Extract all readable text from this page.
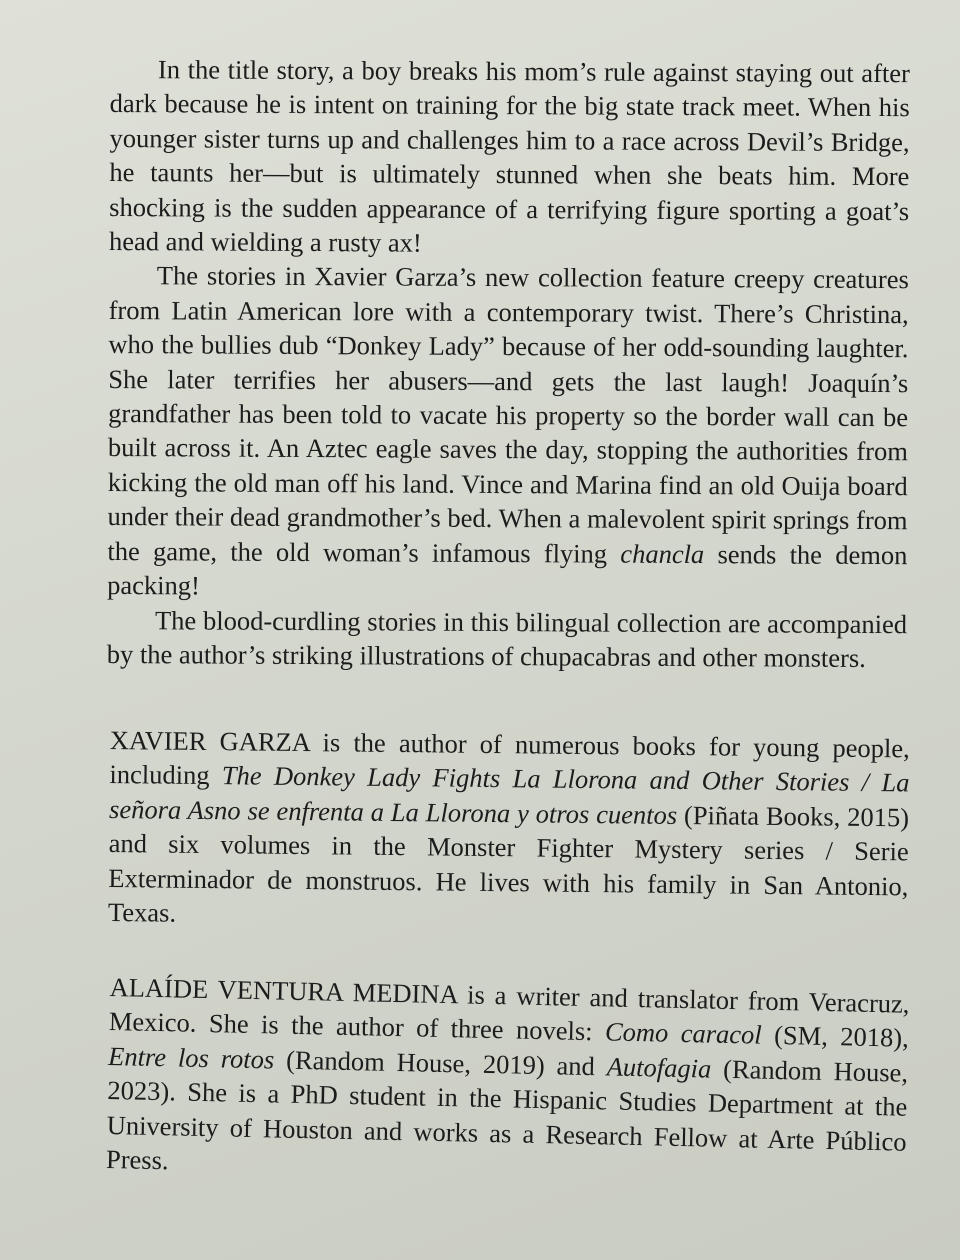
In the title story, a boy breaks his mom’s rule against staying out after dark because he is intent on training for the big state track meet. When his younger sister turns up and challenges him to a race across Devil’s Bridge, he taunts her—but is ultimately stunned when she beats him. More shocking is the sudden appearance of a terrifying figure sporting a goat’s head and wielding a rusty ax!

The stories in Xavier Garza’s new collection feature creepy creatures from Latin American lore with a contemporary twist. There’s Christina, who the bullies dub “Donkey Lady” because of her odd-sounding laughter. She later terrifies her abusers—and gets the last laugh! Joaquín’s grandfather has been told to vacate his property so the border wall can be built across it. An Aztec eagle saves the day, stopping the authorities from kicking the old man off his land. Vince and Marina find an old Ouija board under their dead grandmother’s bed. When a malevolent spirit springs from the game, the old woman’s infamous flying chancla sends the demon packing!

The blood-curdling stories in this bilingual collection are accompanied by the author’s striking illustrations of chupacabras and other monsters.

XAVIER GARZA is the author of numerous books for young people, including The Donkey Lady Fights La Llorona and Other Stories / La señora Asno se enfrenta a La Llorona y otros cuentos (Piñata Books, 2015) and six volumes in the Monster Fighter Mystery series / Serie Exterminador de monstruos. He lives with his family in San Antonio, Texas.

ALAÍDE VENTURA MEDINA is a writer and translator from Veracruz, Mexico. She is the author of three novels: Como caracol (SM, 2018), Entre los rotos (Random House, 2019) and Autofagia (Random House, 2023). She is a PhD student in the Hispanic Studies Department at the University of Houston and works as a Research Fellow at Arte Público Press.
